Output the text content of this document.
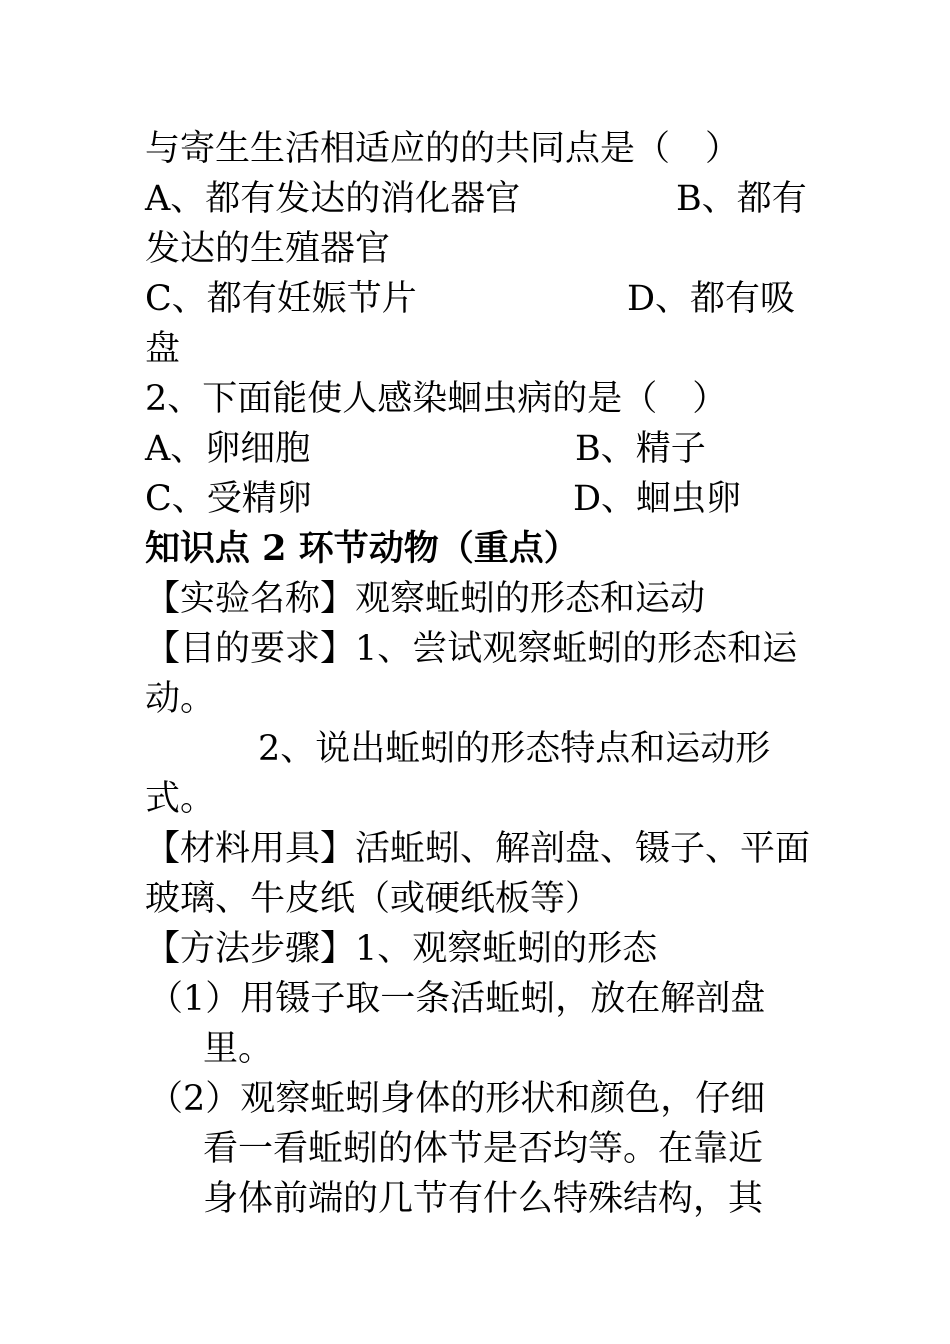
与寄生生活相适应的的共同点是（　）
A、都有发达的消化器官	B、都有
发达的生殖器官
C、都有妊娠节片	D、都有吸
盘
2、下面能使人感染蛔虫病的是（　）
A、卵细胞	B、精子
C、受精卵	D、蛔虫卵
知识点 2 环节动物（重点）
【实验名称】观察蚯蚓的形态和运动
【目的要求】1、尝试观察蚯蚓的形态和运
动。
2、说出蚯蚓的形态特点和运动形
式。
【材料用具】活蚯蚓、解剖盘、镊子、平面
玻璃、牛皮纸（或硬纸板等）
【方法步骤】1、观察蚯蚓的形态
（1）用镊子取一条活蚯蚓，放在解剖盘
里。
（2）观察蚯蚓身体的形状和颜色，仔细
看一看蚯蚓的体节是否均等。在靠近
身体前端的几节有什么特殊结构，其
